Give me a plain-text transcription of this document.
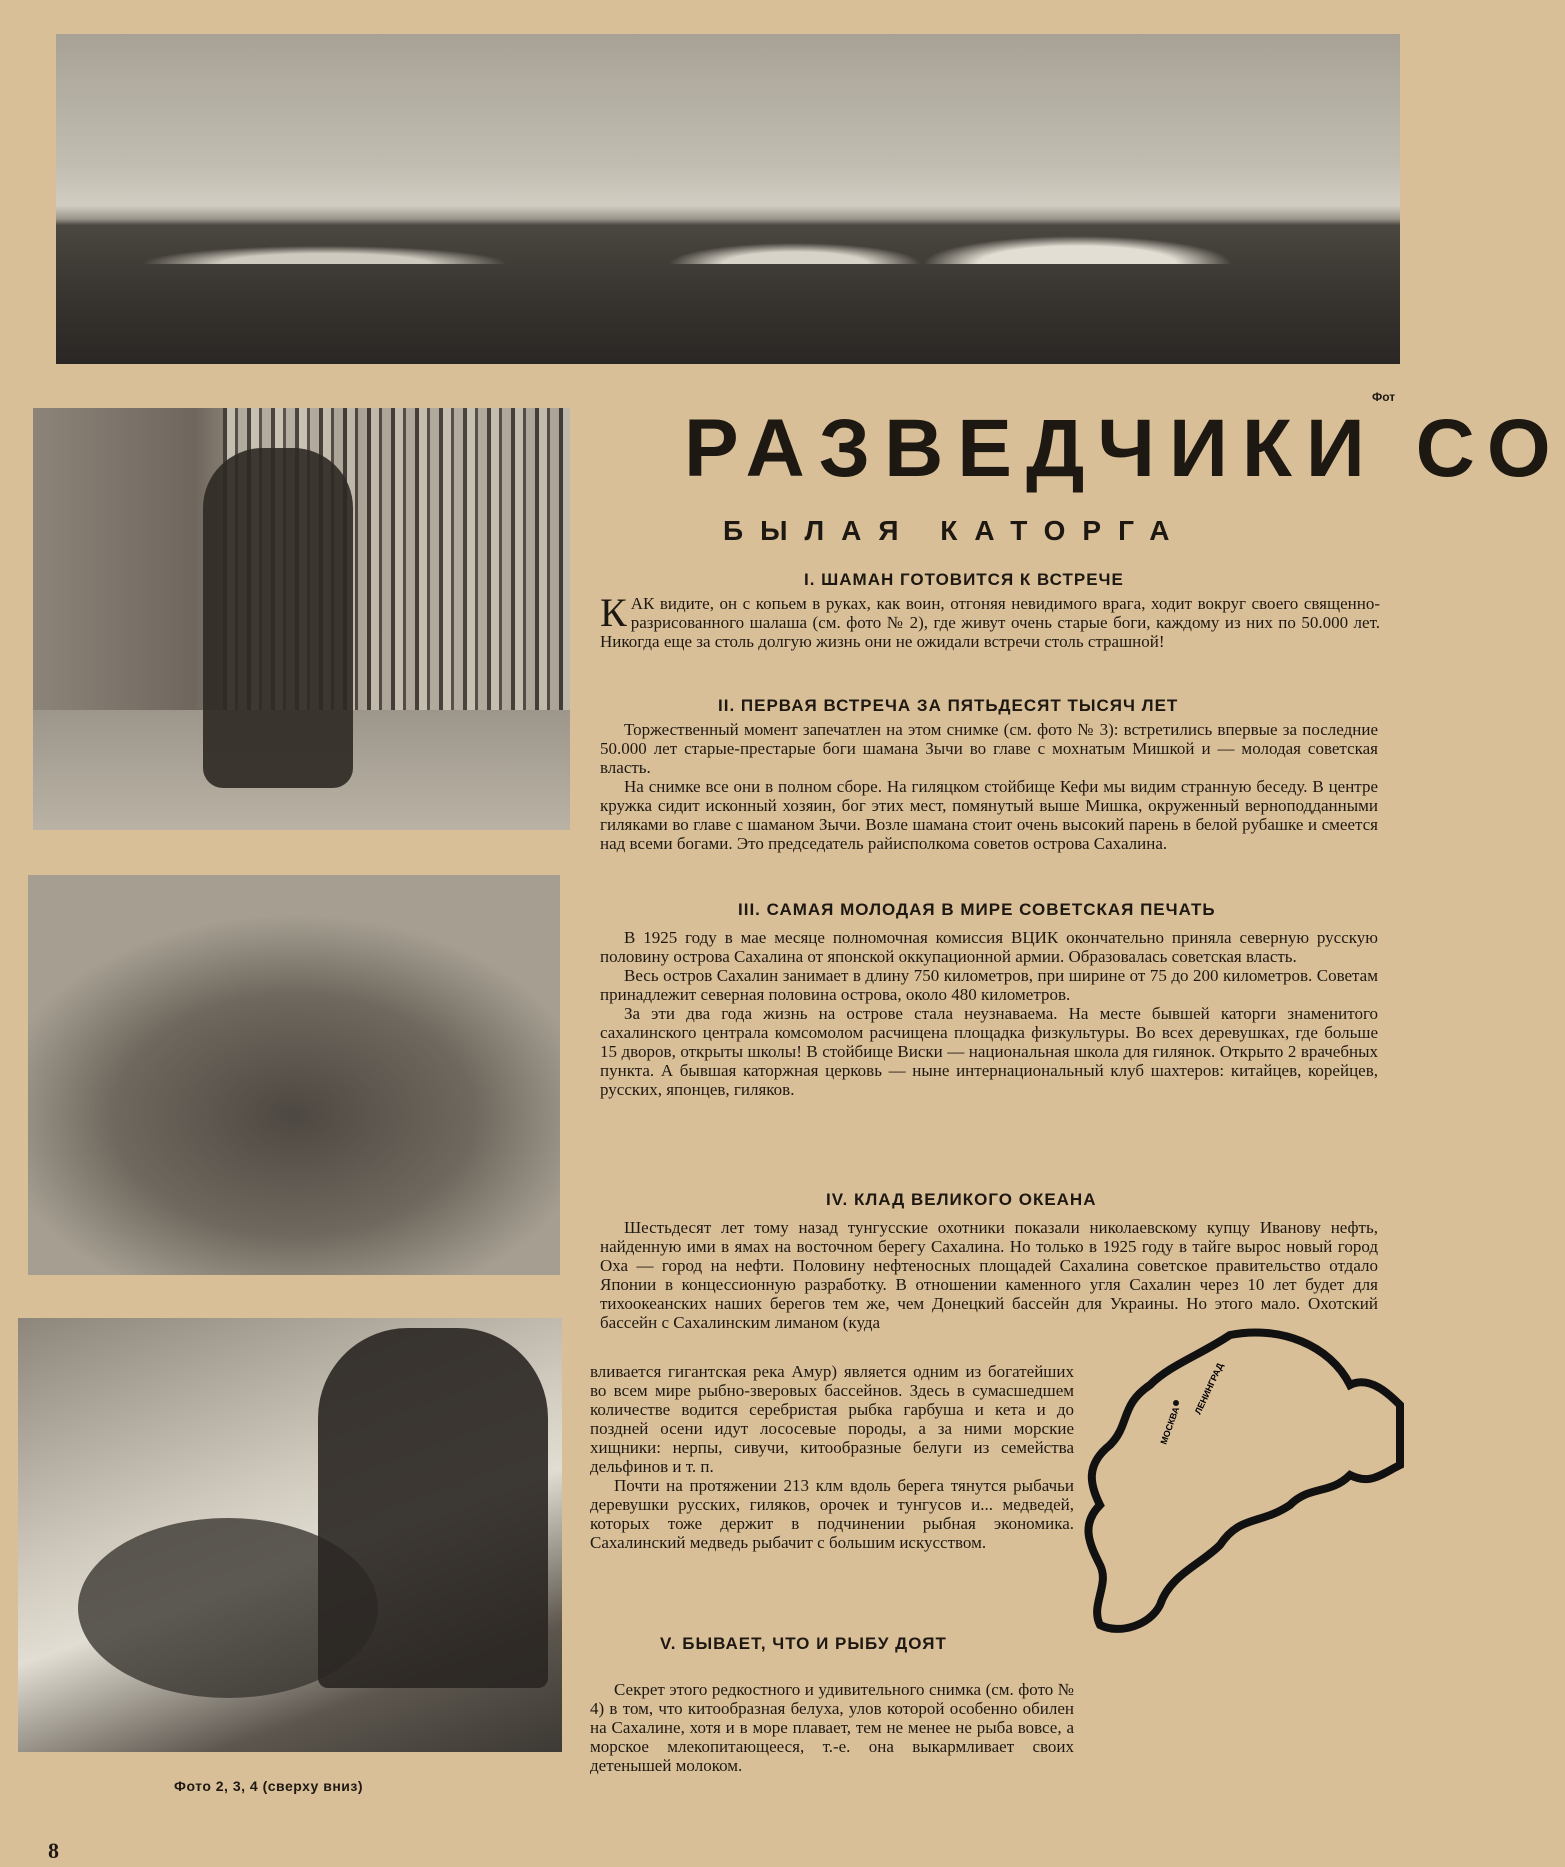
Фото 2, 3, 4 (сверху вниз)
Фот
РАЗВЕДЧИКИ СО
БЫЛАЯ КАТОРГА
I. ШАМАН ГОТОВИТСЯ К ВСТРЕЧЕ

КАК видите, он с копьем в руках, как воин, отгоняя невидимого врага, ходит вокруг своего священно-разрисованного шалаша (см. фото № 2), где живут очень старые боги, каждому из них по 50.000 лет. Никогда еще за столь долгую жизнь они не ожидали встречи столь страшной!

II. ПЕРВАЯ ВСТРЕЧА ЗА ПЯТЬДЕСЯТ ТЫСЯЧ ЛЕТ

Торжественный момент запечатлен на этом снимке (см. фото № 3): встретились впервые за последние 50.000 лет старые-престарые боги шамана Зычи во главе с мохнатым Мишкой и — молодая советская власть.

На снимке все они в полном сборе. На гиляцком стойбище Кефи мы видим странную беседу. В центре кружка сидит исконный хозяин, бог этих мест, помянутый выше Мишка, окруженный верноподданными гиляками во главе с шаманом Зычи. Возле шамана стоит очень высокий парень в белой рубашке и смеется над всеми богами. Это председатель райисполкома советов острова Сахалина.

III. САМАЯ МОЛОДАЯ В МИРЕ СОВЕТСКАЯ ПЕЧАТЬ

В 1925 году в мае месяце полномочная комиссия ВЦИК окончательно приняла северную русскую половину острова Сахалина от японской оккупационной армии. Образовалась советская власть.

Весь остров Сахалин занимает в длину 750 километров, при ширине от 75 до 200 километров. Советам принадлежит северная половина острова, около 480 километров.

За эти два года жизнь на острове стала неузнаваема. На месте бывшей каторги знаменитого сахалинского централа комсомолом расчищена площадка физкультуры. Во всех деревушках, где больше 15 дворов, открыты школы! В стойбище Виски — национальная школа для гилянок. Открыто 2 врачебных пункта. А бывшая каторжная церковь — ныне интернациональный клуб шахтеров: китайцев, корейцев, русских, японцев, гиляков.

IV. КЛАД ВЕЛИКОГО ОКЕАНА

Шестьдесят лет тому назад тунгусские охотники показали николаевскому купцу Иванову нефть, найденную ими в ямах на восточном берегу Сахалина. Но только в 1925 году в тайге вырос новый город Оха — город на нефти. Половину нефтеносных площадей Сахалина советское правительство отдало Японии в концессионную разработку. В отношении каменного угля Сахалин через 10 лет будет для тихоокеанских наших берегов тем же, чем Донецкий бассейн для Украины. Но этого мало. Охотский бассейн с Сахалинским лиманом (куда

вливается гигантская река Амур) является одним из богатейших во всем мире рыбно-зверовых бассейнов. Здесь в сумасшедшем количестве водится серебристая рыбка гарбуша и кета и до поздней осени идут лососевые породы, а за ними морские хищники: нерпы, сивучи, китообразные белуги из семейства дельфинов и т. п.

Почти на протяжении 213 клм вдоль берега тянутся рыбачьи деревушки русских, гиляков, орочек и тунгусов и... медведей, которых тоже держит в подчинении рыбная экономика. Сахалинский медведь рыбачит с большим искусством.

V. БЫВАЕТ, ЧТО И РЫБУ ДОЯТ

Секрет этого редкостного и удивительного снимка (см. фото № 4) в том, что китообразная белуха, улов которой особенно обилен на Сахалине, хотя и в море плавает, тем не менее не рыба вовсе, а морское млекопитающееся, т.-е. она выкармливает своих детенышей молоком.

МОСКВА
ЛЕНИНГРАД
8
